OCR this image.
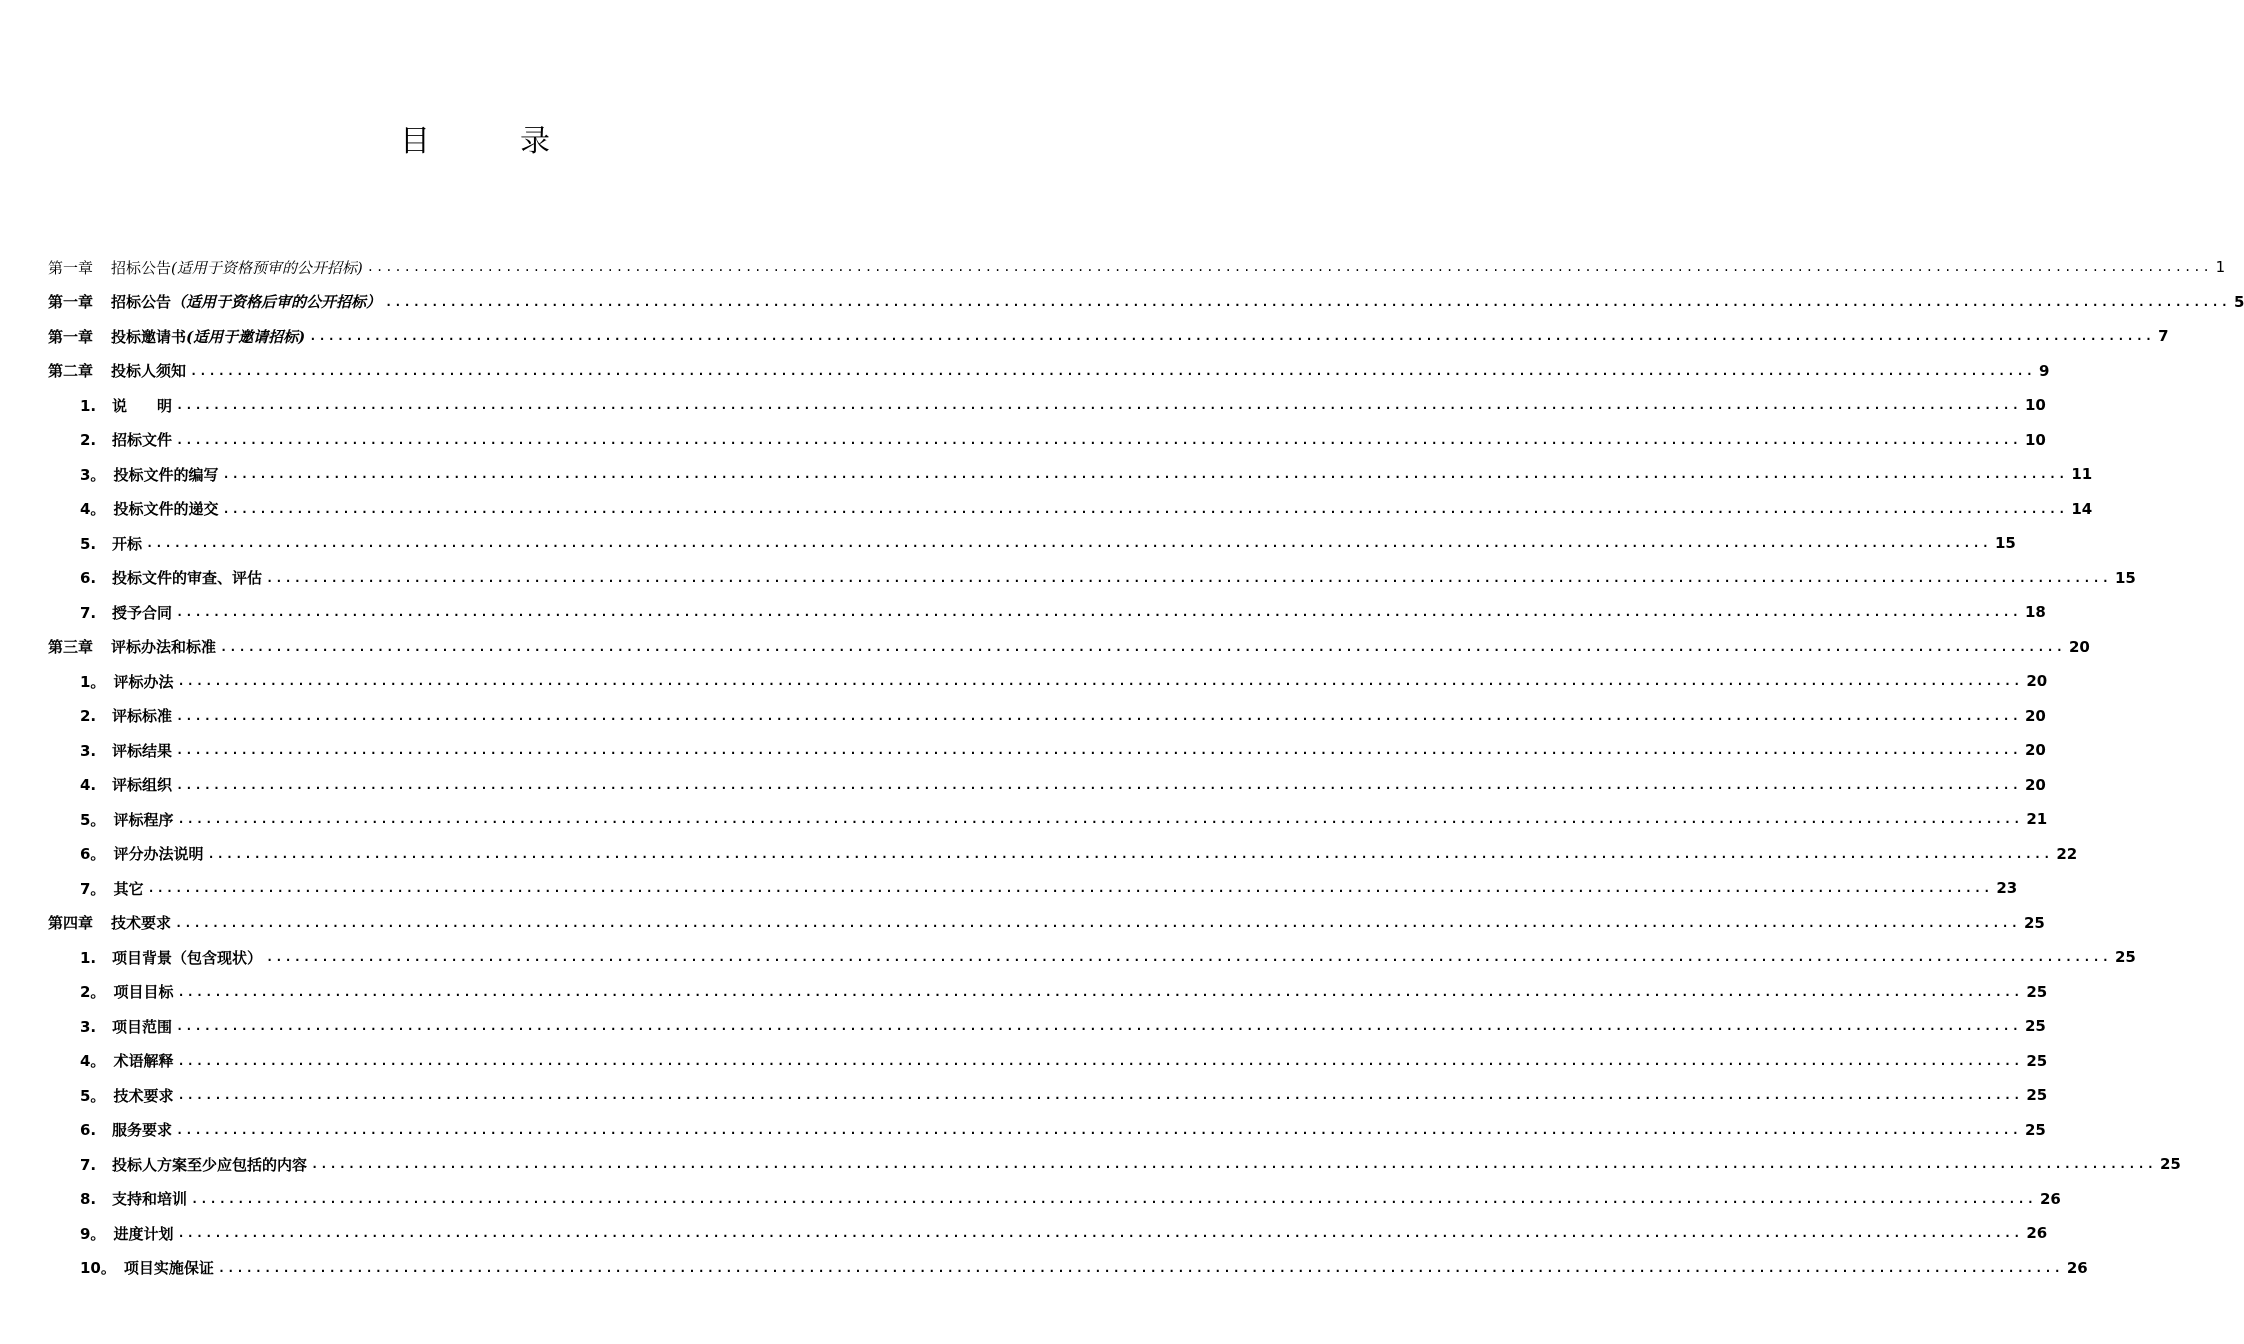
目	录
第一章 招标公告(适用于资格预审的公开招标) ........................................................................................................................................................................................................ 1
第一章 招标公告（适用于资格后审的公开招标） ........................................................................................................................................................................................................ 5
第一章 投标邀请书(适用于邀请招标) ........................................................................................................................................................................................................ 7
第二章 投标人须知 ........................................................................................................................................................................................................ 9
1. 说　　明 ........................................................................................................................................................................................................ 10
2. 招标文件 ........................................................................................................................................................................................................ 10
3。 投标文件的编写 ........................................................................................................................................................................................................ 11
4。 投标文件的递交 ........................................................................................................................................................................................................ 14
5. 开标 ........................................................................................................................................................................................................ 15
6. 投标文件的审查、评估 ........................................................................................................................................................................................................ 15
7. 授予合同 ........................................................................................................................................................................................................ 18
第三章 评标办法和标准 ........................................................................................................................................................................................................ 20
1。 评标办法 ........................................................................................................................................................................................................ 20
2. 评标标准 ........................................................................................................................................................................................................ 20
3. 评标结果 ........................................................................................................................................................................................................ 20
4. 评标组织 ........................................................................................................................................................................................................ 20
5。 评标程序 ........................................................................................................................................................................................................ 21
6。 评分办法说明 ........................................................................................................................................................................................................ 22
7。 其它 ........................................................................................................................................................................................................ 23
第四章 技术要求 ........................................................................................................................................................................................................ 25
1. 项目背景（包含现状） ........................................................................................................................................................................................................ 25
2。 项目目标 ........................................................................................................................................................................................................ 25
3. 项目范围 ........................................................................................................................................................................................................ 25
4。 术语解释 ........................................................................................................................................................................................................ 25
5。 技术要求 ........................................................................................................................................................................................................ 25
6. 服务要求 ........................................................................................................................................................................................................ 25
7. 投标人方案至少应包括的内容 ........................................................................................................................................................................................................ 25
8. 支持和培训 ........................................................................................................................................................................................................ 26
9。 进度计划 ........................................................................................................................................................................................................ 26
10。 项目实施保证 ........................................................................................................................................................................................................ 26
